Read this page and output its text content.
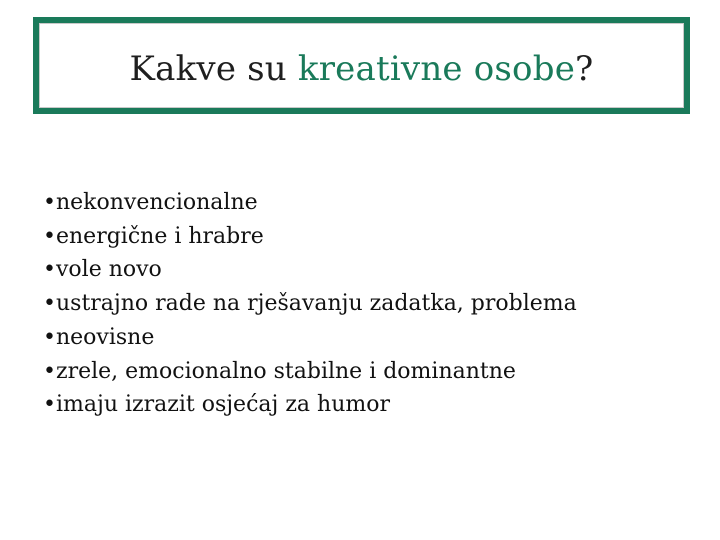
Kakve su kreativne osobe?
•nekonvencionalne
•energične i hrabre
•vole novo
•ustrajno rade na rješavanju zadatka, problema
•neovisne
•zrele, emocionalno stabilne i dominantne
•imaju izrazit osjećaj za humor
